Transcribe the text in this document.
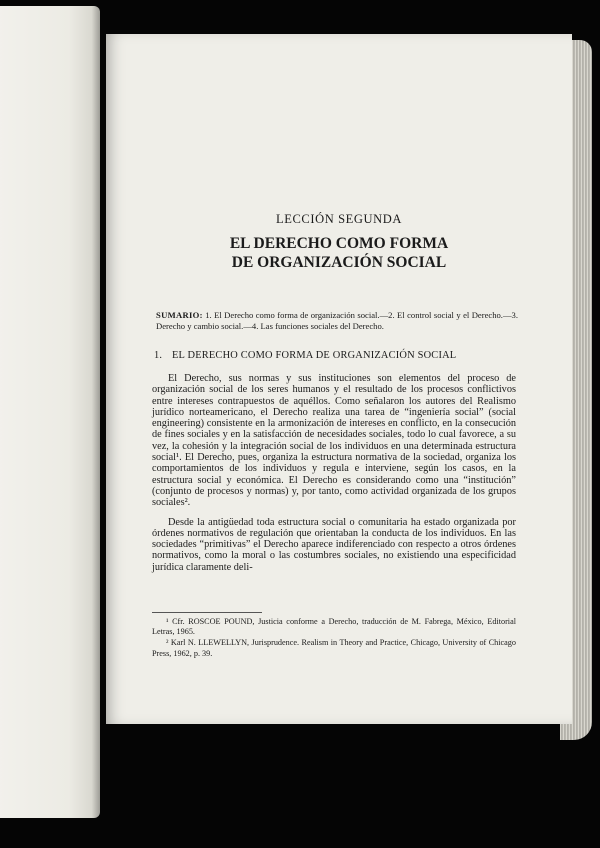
LECCIÓN SEGUNDA
EL DERECHO COMO FORMA
DE ORGANIZACIÓN SOCIAL
SUMARIO: 1. El Derecho como forma de organización social.—2. El control social y el Derecho.—3. Derecho y cambio social.—4. Las funciones sociales del Derecho.
1. EL DERECHO COMO FORMA DE ORGANIZACIÓN SOCIAL

El Derecho, sus normas y sus instituciones son elementos del proceso de organización social de los seres humanos y el resultado de los procesos conflictivos entre intereses contrapuestos de aquéllos. Como señalaron los autores del Realismo jurídico norteamericano, el Derecho realiza una tarea de “ingeniería social” (social engineering) consistente en la armonización de intereses en conflicto, en la consecución de fines sociales y en la satisfacción de necesidades sociales, todo lo cual favorece, a su vez, la cohesión y la integración social de los individuos en una determinada estructura social¹. El Derecho, pues, organiza la estructura normativa de la sociedad, organiza los comportamientos de los individuos y regula e interviene, según los casos, en la estructura social y económica. El Derecho es considerando como una “institución” (conjunto de procesos y normas) y, por tanto, como actividad organizada de los grupos sociales².

Desde la antigüedad toda estructura social o comunitaria ha estado organizada por órdenes normativos de regulación que orientaban la conducta de los individuos. En las sociedades “primitivas” el Derecho aparece indiferenciado con respecto a otros órdenes normativos, como la moral o las costumbres sociales, no existiendo una especificidad jurídica claramente deli-

¹ Cfr. ROSCOE POUND, Justicia conforme a Derecho, traducción de M. Fabrega, México, Editorial Letras, 1965.

² Karl N. LLEWELLYN, Jurisprudence. Realism in Theory and Practice, Chicago, University of Chicago Press, 1962, p. 39.
